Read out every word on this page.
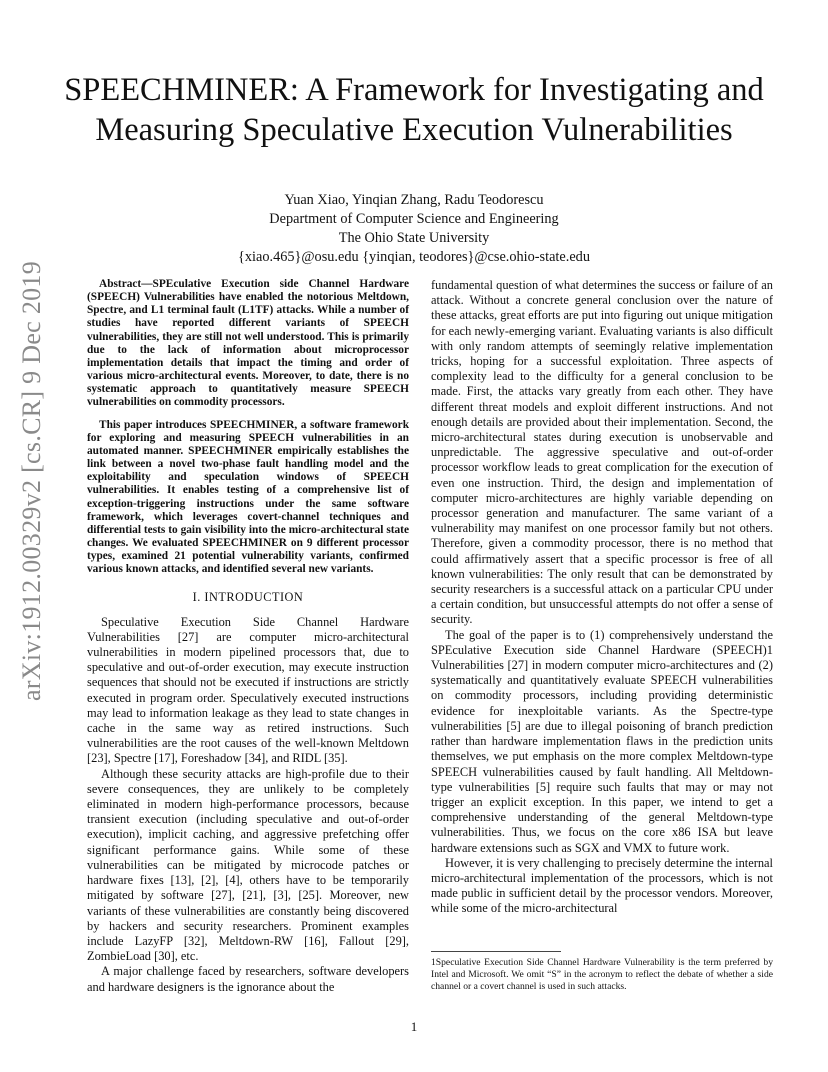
arXiv:1912.00329v2 [cs.CR] 9 Dec 2019
SPEECHMINER: A Framework for Investigating and
Measuring Speculative Execution Vulnerabilities
Yuan Xiao, Yinqian Zhang, Radu Teodorescu
Department of Computer Science and Engineering
The Ohio State University
{xiao.465}@osu.edu {yinqian, teodores}@cse.ohio-state.edu

Abstract—SPEculative Execution side Channel Hardware (SPEECH) Vulnerabilities have enabled the notorious Meltdown, Spectre, and L1 terminal fault (L1TF) attacks. While a number of studies have reported different variants of SPEECH vulnerabilities, they are still not well understood. This is primarily due to the lack of information about microprocessor implementation details that impact the timing and order of various micro-architectural events. Moreover, to date, there is no systematic approach to quantitatively measure SPEECH vulnerabilities on commodity processors.

This paper introduces SPEECHMINER, a software framework for exploring and measuring SPEECH vulnerabilities in an automated manner. SPEECHMINER empirically establishes the link between a novel two-phase fault handling model and the exploitability and speculation windows of SPEECH vulnerabilities. It enables testing of a comprehensive list of exception-triggering instructions under the same software framework, which leverages covert-channel techniques and differential tests to gain visibility into the micro-architectural state changes. We evaluated SPEECHMINER on 9 different processor types, examined 21 potential vulnerability variants, confirmed various known attacks, and identified several new variants.

I. INTRODUCTION

Speculative Execution Side Channel Hardware Vulnerabilities [27] are computer micro-architectural vulnerabilities in modern pipelined processors that, due to speculative and out-of-order execution, may execute instruction sequences that should not be executed if instructions are strictly executed in program order. Speculatively executed instructions may lead to information leakage as they lead to state changes in cache in the same way as retired instructions. Such vulnerabilities are the root causes of the well-known Meltdown [23], Spectre [17], Foreshadow [34], and RIDL [35].

Although these security attacks are high-profile due to their severe consequences, they are unlikely to be completely eliminated in modern high-performance processors, because transient execution (including speculative and out-of-order execution), implicit caching, and aggressive prefetching offer significant performance gains. While some of these vulnerabilities can be mitigated by microcode patches or hardware fixes [13], [2], [4], others have to be temporarily mitigated by software [27], [21], [3], [25]. Moreover, new variants of these vulnerabilities are constantly being discovered by hackers and security researchers. Prominent examples include LazyFP [32], Meltdown-RW [16], Fallout [29], ZombieLoad [30], etc.

A major challenge faced by researchers, software developers and hardware designers is the ignorance about the

fundamental question of what determines the success or failure of an attack. Without a concrete general conclusion over the nature of these attacks, great efforts are put into figuring out unique mitigation for each newly-emerging variant. Evaluating variants is also difficult with only random attempts of seemingly relative implementation tricks, hoping for a successful exploitation. Three aspects of complexity lead to the difficulty for a general conclusion to be made. First, the attacks vary greatly from each other. They have different threat models and exploit different instructions. And not enough details are provided about their implementation. Second, the micro-architectural states during execution is unobservable and unpredictable. The aggressive speculative and out-of-order processor workflow leads to great complication for the execution of even one instruction. Third, the design and implementation of computer micro-architectures are highly variable depending on processor generation and manufacturer. The same variant of a vulnerability may manifest on one processor family but not others. Therefore, given a commodity processor, there is no method that could affirmatively assert that a specific processor is free of all known vulnerabilities: The only result that can be demonstrated by security researchers is a successful attack on a particular CPU under a certain condition, but unsuccessful attempts do not offer a sense of security.

The goal of the paper is to (1) comprehensively understand the SPEculative Execution side Channel Hardware (SPEECH)1 Vulnerabilities [27] in modern computer micro-architectures and (2) systematically and quantitatively evaluate SPEECH vulnerabilities on commodity processors, including providing deterministic evidence for inexploitable variants. As the Spectre-type vulnerabilities [5] are due to illegal poisoning of branch prediction rather than hardware implementation flaws in the prediction units themselves, we put emphasis on the more complex Meltdown-type SPEECH vulnerabilities caused by fault handling. All Meltdown-type vulnerabilities [5] require such faults that may or may not trigger an explicit exception. In this paper, we intend to get a comprehensive understanding of the general Meltdown-type vulnerabilities. Thus, we focus on the core x86 ISA but leave hardware extensions such as SGX and VMX to future work.

However, it is very challenging to precisely determine the internal micro-architectural implementation of the processors, which is not made public in sufficient detail by the processor vendors. Moreover, while some of the micro-architectural

1Speculative Execution Side Channel Hardware Vulnerability is the term preferred by Intel and Microsoft. We omit “S” in the acronym to reflect the debate of whether a side channel or a covert channel is used in such attacks.
1
